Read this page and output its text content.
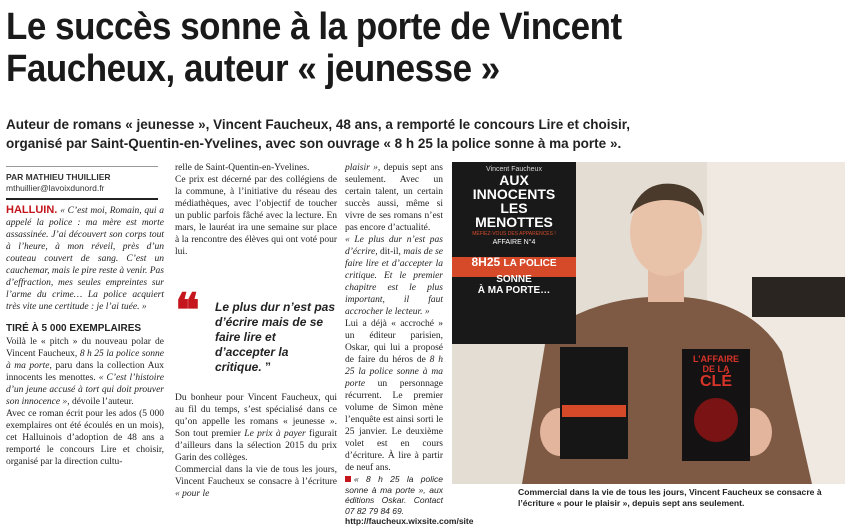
Le succès sonne à la porte de Vincent
Faucheux, auteur « jeunesse »
Auteur de romans « jeunesse », Vincent Faucheux, 48 ans, a remporté le concours Lire et choisir,
organisé par Saint-Quentin-en-Yvelines, avec son ouvrage « 8 h 25 la police sonne à ma porte ».
PAR MATHIEU THUILLIER
mthuillier@lavoixdunord.fr

HALLUIN. « C’est moi, Romain, qui a appelé la police : ma mère est morte assassinée. J’ai découvert son corps tout à l’heure, à mon réveil, près d’un couteau couvert de sang. C’est un cauchemar, mais le pire reste à venir. Pas d’effraction, mes seules empreintes sur l’arme du crime… La police acquiert très vite une certitude : je l’ai tuée. »

TIRÉ À 5 000 EXEMPLAIRES

Voilà le « pitch » du nouveau polar de Vincent Faucheux, 8 h 25 la police sonne à ma porte, paru dans la collection Aux innocents les menottes. « C’est l’histoire d’un jeune accusé à tort qui doit prouver son innocence », dévoile l’auteur.

Avec ce roman écrit pour les ados (5 000 exemplaires ont été écoulés en un mois), cet Halluinois d’adoption de 48 ans a remporté le concours Lire et choisir, organisé par la direction cultu-

relle de Saint-Quentin-en-Yvelines.

Ce prix est décerné par des collégiens de la commune, à l’initiative du réseau des médiathèques, avec l’objectif de toucher un public parfois fâché avec la lecture. En mars, le lauréat ira une semaine sur place à la rencontre des élèves qui ont voté pour lui.

❝ Le plus dur n’est pas d’écrire mais de se faire lire et d’accepter la critique. ”

Du bonheur pour Vincent Faucheux, qui au fil du temps, s’est spécialisé dans ce qu’on appelle les romans « jeunesse ». Son tout premier Le prix à payer figurait d’ailleurs dans la sélection 2015 du prix Garin des collèges.

Commercial dans la vie de tous les jours, Vincent Faucheux se consacre à l’écriture « pour le

plaisir », depuis sept ans seulement. Avec un certain talent, un certain succès aussi, même si vivre de ses romans n’est pas encore d’actualité.

« Le plus dur n’est pas d’écrire, dit-il, mais de se faire lire et d’accepter la critique. Et le premier chapitre est le plus important, il faut accrocher le lecteur. »

Lui a déjà « accroché » un éditeur parisien, Oskar, qui lui a proposé de faire du héros de 8 h 25 la police sonne à ma porte un personnage récurrent. Le premier volume de Simon mène l’enquête est ainsi sorti le 25 janvier. Le deuxième volet est en cours d’écriture. À lire à partir de neuf ans.

« 8 h 25 la police sonne à ma porte », aux éditions Oskar. Contact 07 82 79 84 69.
http://faucheux.wixsite.com/site

Vincent Faucheux
AUX
INNOCENTS
LES
MENOTTES
MÉFIEZ-VOUS DES APPARENCES !
AFFAIRE N°4
8H25 LA POLICE
SONNE
À MA PORTE…
L’AFFAIRE
DE LA
CLÉ
Commercial dans la vie de tous les jours, Vincent Faucheux se consacre à l’écriture « pour le plaisir », depuis sept ans seulement.
